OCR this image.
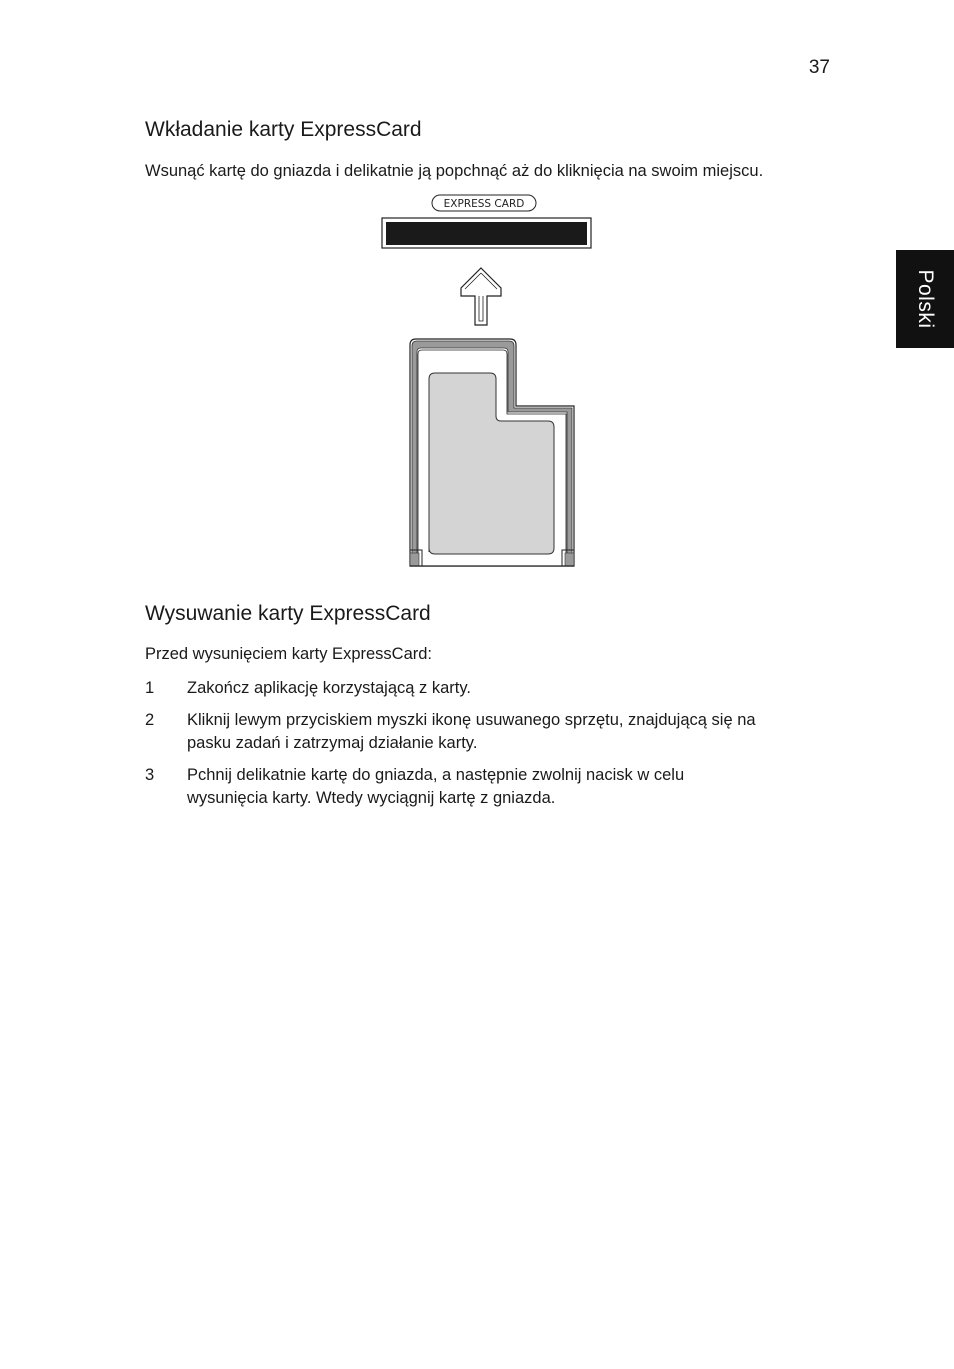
37
Polski
Wkładanie karty ExpressCard

Wsunąć kartę do gniazda i delikatnie ją popchnąć aż do kliknięcia na swoim miejscu.

EXPRESS CARD
Wysuwanie karty ExpressCard

Przed wysunięciem karty ExpressCard:

1	Zakończ aplikację korzystającą z karty.
2	Kliknij lewym przyciskiem myszki ikonę usuwanego sprzętu, znajdującą się na
pasku zadań i zatrzymaj działanie karty.
3	Pchnij delikatnie kartę do gniazda, a następnie zwolnij nacisk w celu
wysunięcia karty. Wtedy wyciągnij kartę z gniazda.
